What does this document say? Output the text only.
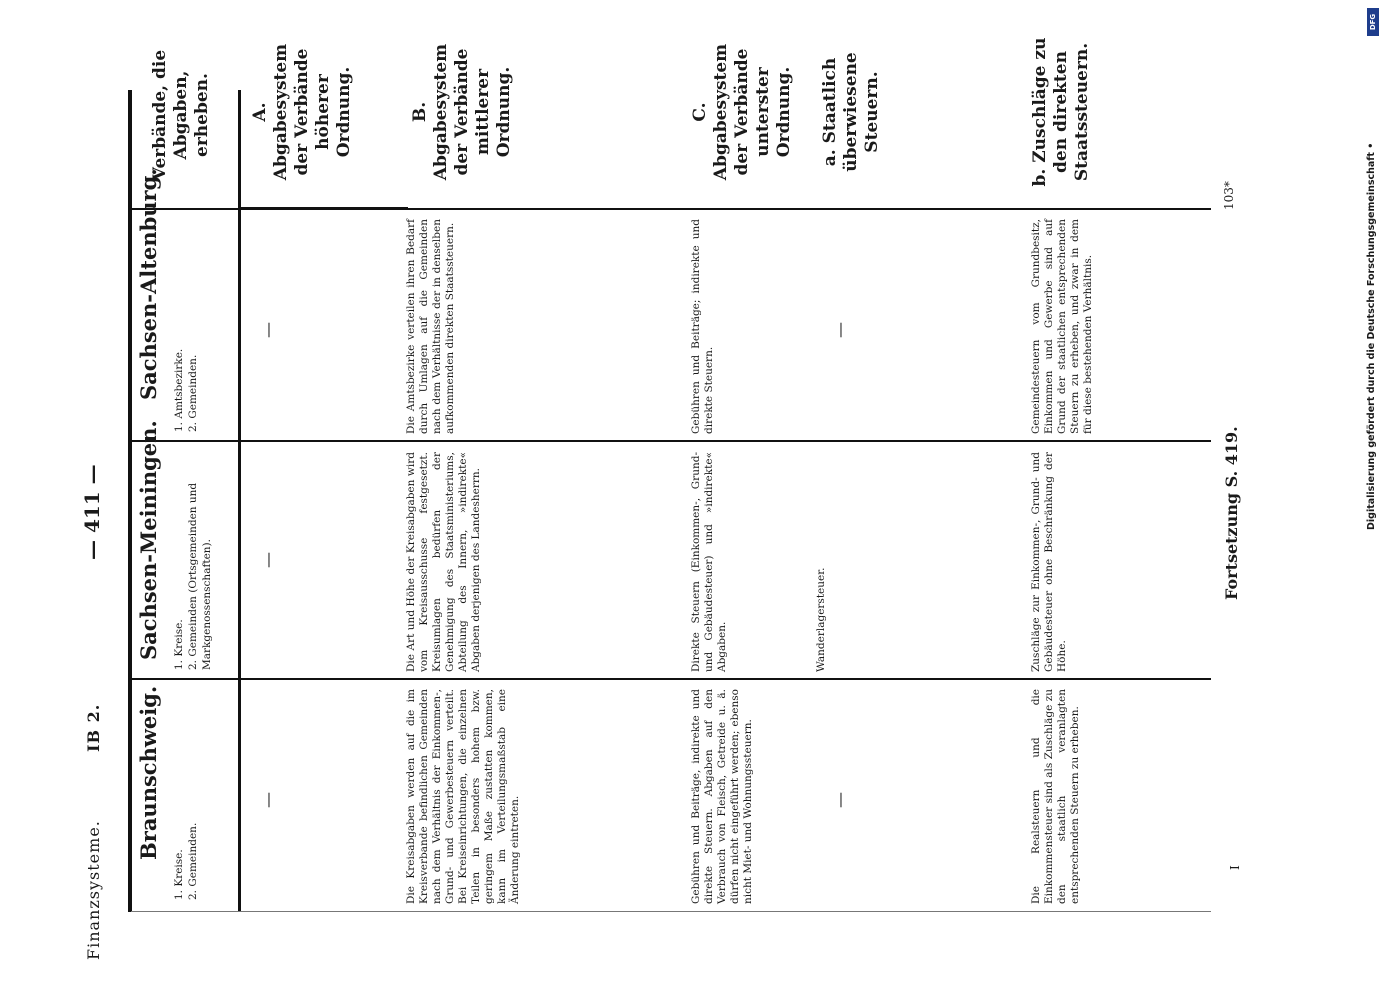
Finanzsysteme.
IB 2.
— 411 —
Braunschweig.
Sachsen-Meiningen.
Sachsen-Altenburg.
Verbände, die Abgaben, erheben.
1. Kreise. 2. Gemeinden.
1. Kreise. 2. Gemeinden (Ortsgemeinden und Markgenossenschaften).
1. Amtsbezirke. 2. Gemeinden.
A. Abgabesystem der Verbände höherer Ordnung.
—
—
—
B. Abgabesystem der Verbände mittlerer Ordnung.
Die Kreisabgaben werden auf die im Kreisverbande befindlichen Gemeinden nach dem Verhältnis der Einkommen-, Grund- und Gewerbesteuern verteilt. Bei Kreiseinrichtungen, die einzelnen Teilen in besonders hohem bzw. geringem Maße zustatten kommen, kann im Verteilungsmaßstab eine Änderung eintreten.
Die Art und Höhe der Kreisabgaben wird vom Kreisausschusse festgesetzt. Kreisumlagen bedürfen der Genehmigung des Staatsministeriums, Abteilung des Innern, »indirekte« Abgaben derjenigen des Landesherrn.
Die Amtsbezirke verteilen ihren Bedarf durch Umlagen auf die Gemeinden nach dem Verhältnisse der in denselben aufkommenden direkten Staatssteuern.
C. Abgabesystem der Verbände unterster Ordnung.
Gebühren und Beiträge, indirekte und direkte Steuern. Abgaben auf den Verbrauch von Fleisch, Getreide u. ä. dürfen nicht eingeführt werden; ebenso nicht Miet- und Wohnungssteuern.
Direkte Steuern (Einkommen-, Grund- und Gebäudesteuer) und »indirekte« Abgaben.
Gebühren und Beiträge; indirekte und direkte Steuern.
a. Staatlich überwiesene Steuern.
—
Wanderlagersteuer.
—
b. Zuschläge zu den direkten Staatssteuern.
Die Realsteuern und die Einkommensteuer sind als Zuschläge zu den staatlich veranlagten entsprechenden Steuern zu erheben.
Zuschläge zur Einkommen-, Grund- und Gebäudesteuer ohne Beschränkung der Höhe.
Gemeindesteuern vom Grundbesitz, Einkommen und Gewerbe sind auf Grund der staatlichen entsprechenden Steuern zu erheben, und zwar in dem für diese bestehenden Verhältnis.
I
Fortsetzung S. 419.
103*
DFG
Digitalisierung gefördert durch die Deutsche Forschungsgemeinschaft •
